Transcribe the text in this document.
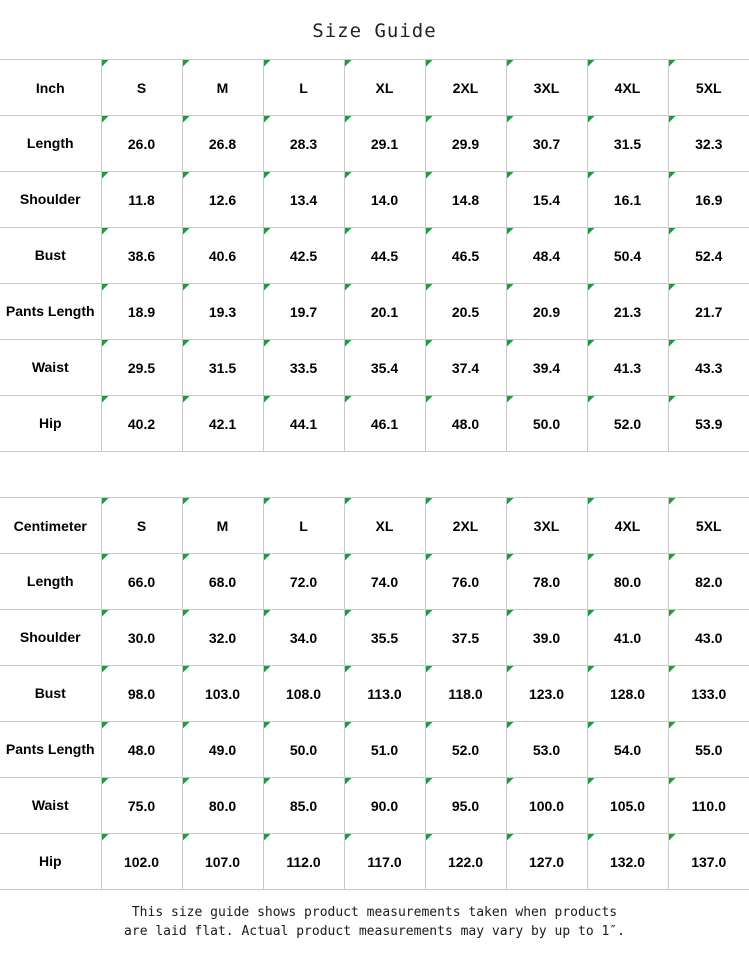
Size Guide
Inch	S	M	L	XL	2XL	3XL	4XL	5XL
Length	26.0	26.8	28.3	29.1	29.9	30.7	31.5	32.3
Shoulder	11.8	12.6	13.4	14.0	14.8	15.4	16.1	16.9
Bust	38.6	40.6	42.5	44.5	46.5	48.4	50.4	52.4
Pants Length	18.9	19.3	19.7	20.1	20.5	20.9	21.3	21.7
Waist	29.5	31.5	33.5	35.4	37.4	39.4	41.3	43.3
Hip	40.2	42.1	44.1	46.1	48.0	50.0	52.0	53.9
Centimeter	S	M	L	XL	2XL	3XL	4XL	5XL
Length	66.0	68.0	72.0	74.0	76.0	78.0	80.0	82.0
Shoulder	30.0	32.0	34.0	35.5	37.5	39.0	41.0	43.0
Bust	98.0	103.0	108.0	113.0	118.0	123.0	128.0	133.0
Pants Length	48.0	49.0	50.0	51.0	52.0	53.0	54.0	55.0
Waist	75.0	80.0	85.0	90.0	95.0	100.0	105.0	110.0
Hip	102.0	107.0	112.0	117.0	122.0	127.0	132.0	137.0
This size guide shows product measurements taken when products
are laid flat. Actual product measurements may vary by up to 1″.
